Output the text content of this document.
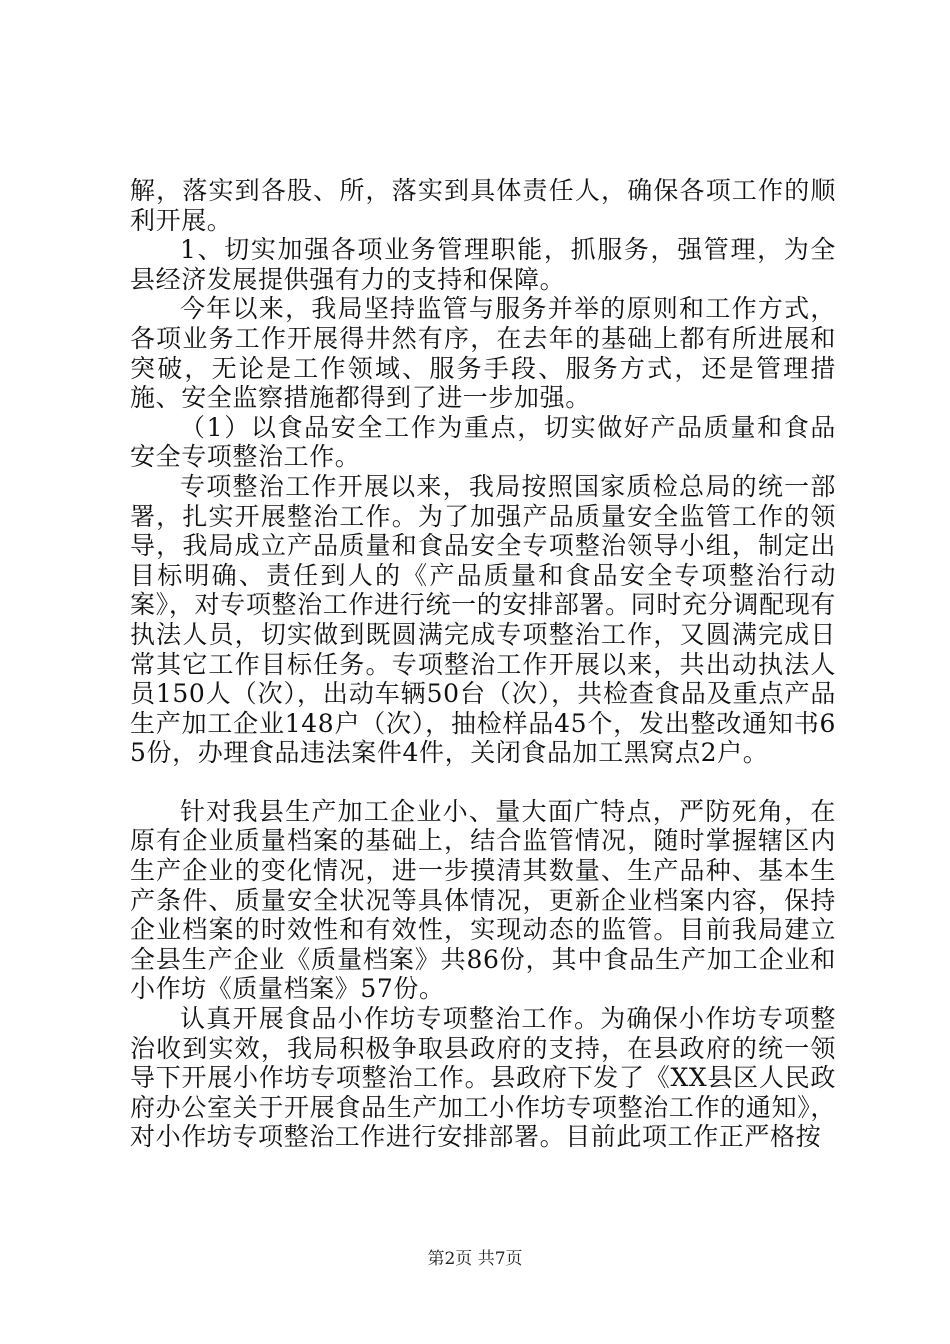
解，落实到各股、所，落实到具体责任人，确保各项工作的顺利开展。

1、切实加强各项业务管理职能，抓服务，强管理，为全县经济发展提供强有力的支持和保障。

今年以来，我局坚持监管与服务并举的原则和工作方式，各项业务工作开展得井然有序，在去年的基础上都有所进展和突破，无论是工作领域、服务手段、服务方式，还是管理措施、安全监察措施都得到了进一步加强。

（1）以食品安全工作为重点，切实做好产品质量和食品安全专项整治工作。

专项整治工作开展以来，我局按照国家质检总局的统一部署，扎实开展整治工作。为了加强产品质量安全监管工作的领导，我局成立产品质量和食品安全专项整治领导小组，制定出目标明确、责任到人的《产品质量和食品安全专项整治行动案》，对专项整治工作进行统一的安排部署。同时充分调配现有执法人员，切实做到既圆满完成专项整治工作，又圆满完成日常其它工作目标任务。专项整治工作开展以来，共出动执法人员150人（次），出动车辆50台（次），共检查食品及重点产品生产加工企业148户（次），抽检样品45个，发出整改通知书65份，办理食品违法案件4件，关闭食品加工黑窝点2户。

针对我县生产加工企业小、量大面广特点，严防死角，在原有企业质量档案的基础上，结合监管情况，随时掌握辖区内生产企业的变化情况，进一步摸清其数量、生产品种、基本生产条件、质量安全状况等具体情况，更新企业档案内容，保持企业档案的时效性和有效性，实现动态的监管。目前我局建立全县生产企业《质量档案》共86份，其中食品生产加工企业和小作坊《质量档案》57份。

认真开展食品小作坊专项整治工作。为确保小作坊专项整治收到实效，我局积极争取县政府的支持，在县政府的统一领导下开展小作坊专项整治工作。县政府下发了《XX县区人民政府办公室关于开展食品生产加工小作坊专项整治工作的通知》，对小作坊专项整治工作进行安排部署。目前此项工作正严格按

第2页 共7页
